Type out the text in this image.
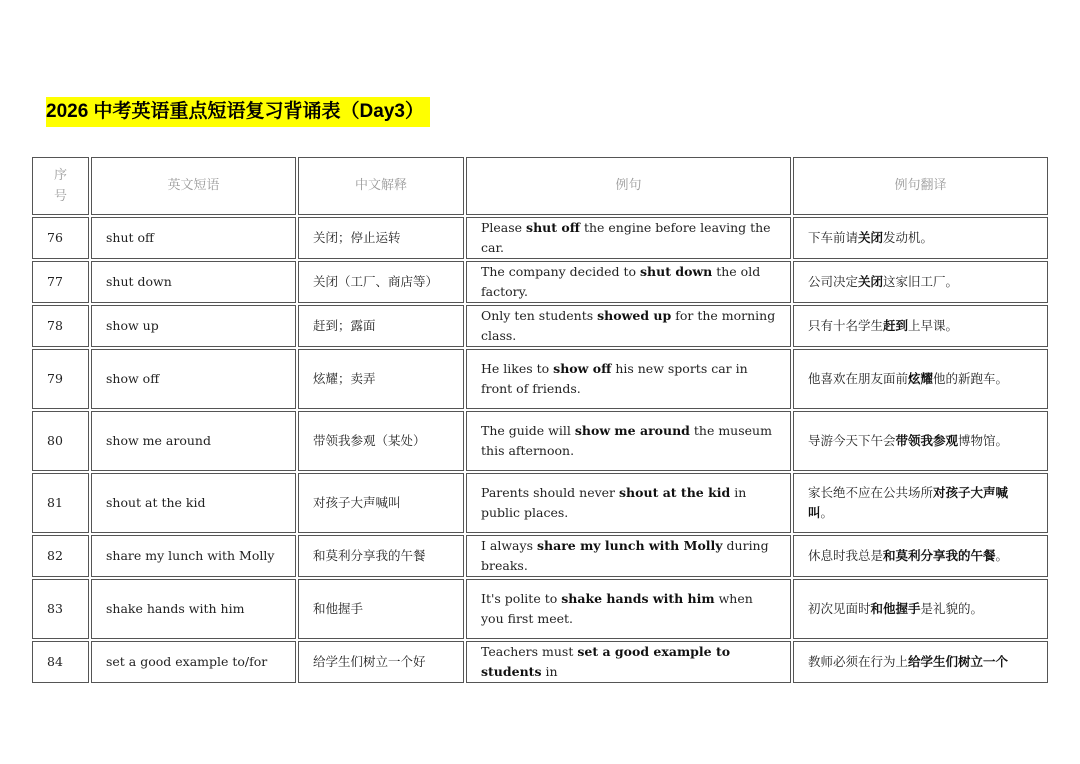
2026 中考英语重点短语复习背诵表（Day3）
序
号	英文短语	中文解释	例句	例句翻译
76	shut off	关闭；停止运转	Please shut off the engine before leaving the car.	下车前请关闭发动机。
77	shut down	关闭（工厂、商店等）	The company decided to shut down the old factory.	公司决定关闭这家旧工厂。
78	show up	赶到；露面	Only ten students showed up for the morning class.	只有十名学生赶到上早课。
79	show off	炫耀；卖弄	He likes to show off his new sports car in front of friends.	他喜欢在朋友面前炫耀他的新跑车。
80	show me around	带领我参观（某处）	The guide will show me around the museum this afternoon.	导游今天下午会带领我参观博物馆。
81	shout at the kid	对孩子大声喊叫	Parents should never shout at the kid in public places.	家长绝不应在公共场所对孩子大声喊叫。
82	share my lunch with Molly	和莫利分享我的午餐	I always share my lunch with Molly during breaks.	休息时我总是和莫利分享我的午餐。
83	shake hands with him	和他握手	It's polite to shake hands with him when you first meet.	初次见面时和他握手是礼貌的。
84	set a good example to/for	给学生们树立一个好	Teachers must set a good example to students in	教师必须在行为上给学生们树立一个
